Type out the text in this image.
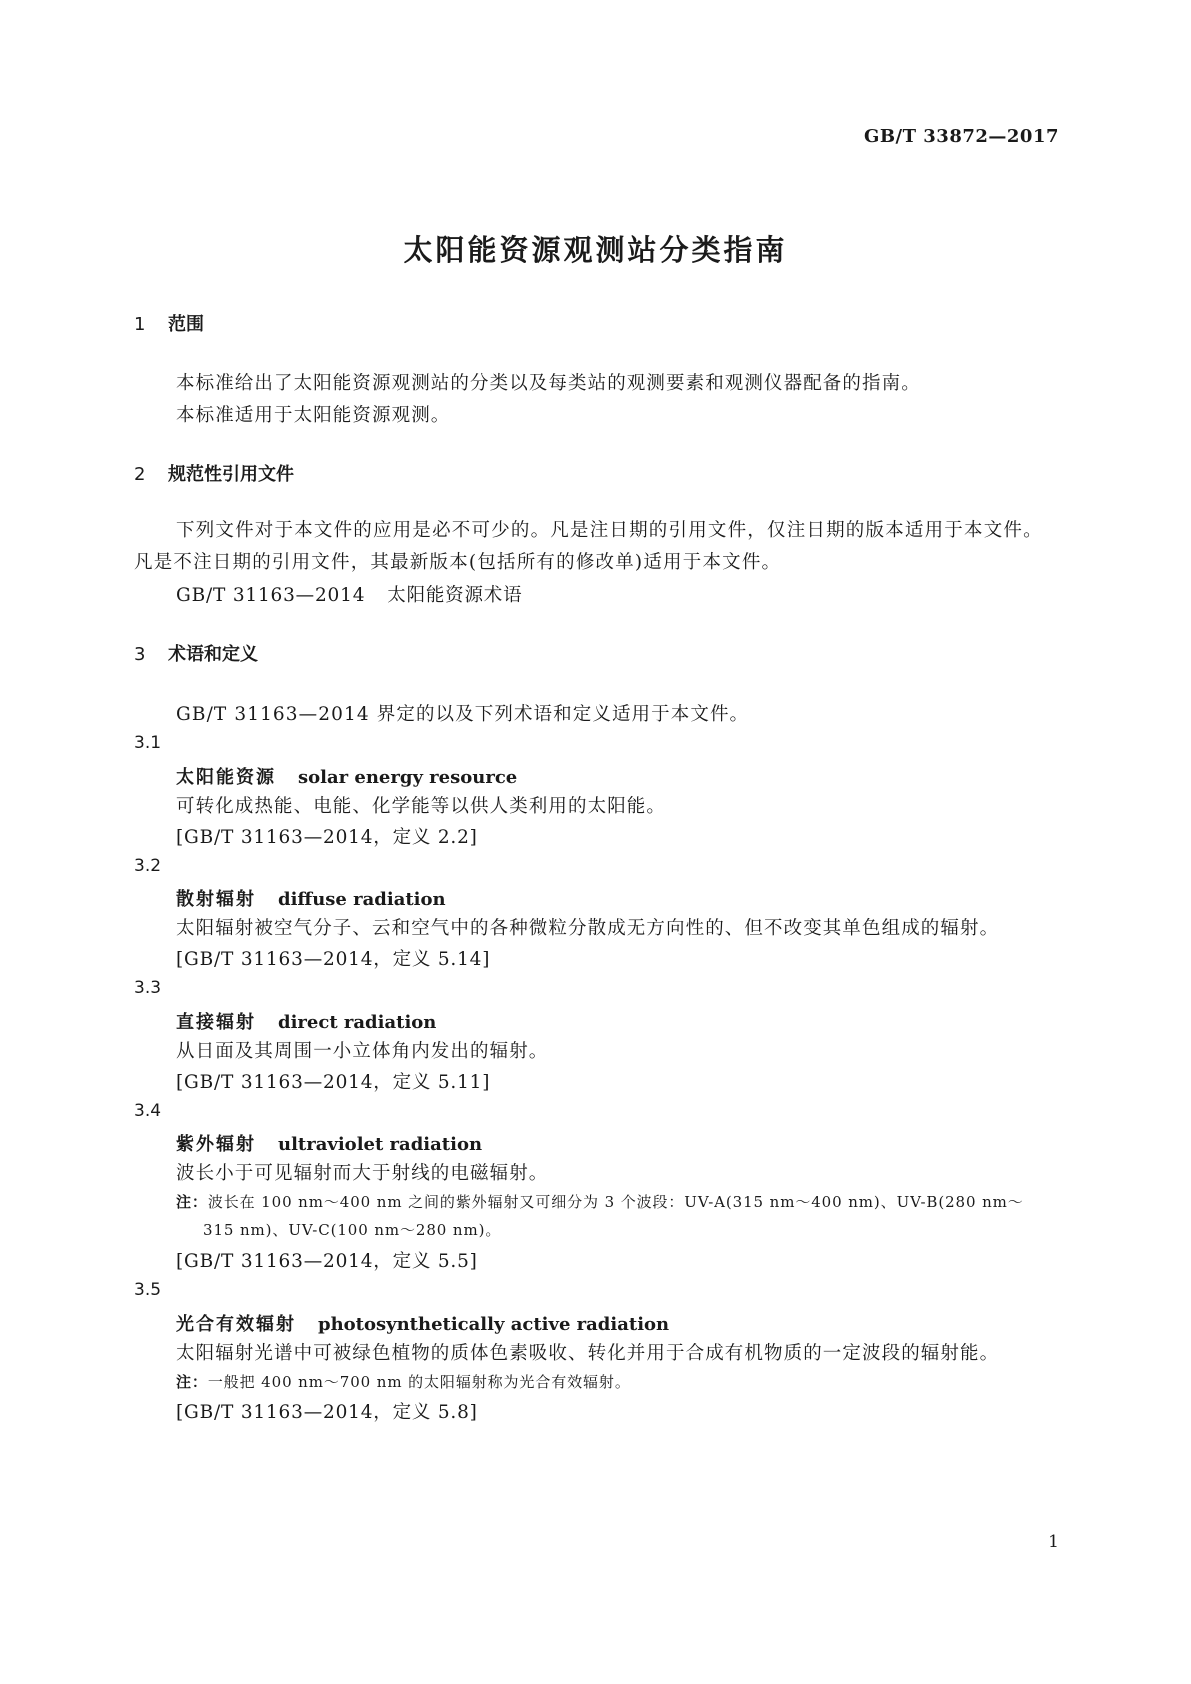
GB/T 33872—2017
太阳能资源观测站分类指南
1 范围
本标准给出了太阳能资源观测站的分类以及每类站的观测要素和观测仪器配备的指南。
本标准适用于太阳能资源观测。
2 规范性引用文件
下列文件对于本文件的应用是必不可少的。凡是注日期的引用文件，仅注日期的版本适用于本文件。凡是不注日期的引用文件，其最新版本(包括所有的修改单)适用于本文件。
GB/T 31163—2014 太阳能资源术语
3 术语和定义
GB/T 31163—2014 界定的以及下列术语和定义适用于本文件。
3.1
太阳能资源 solar energy resource
可转化成热能、电能、化学能等以供人类利用的太阳能。
[GB/T 31163—2014，定义 2.2]
3.2
散射辐射 diffuse radiation
太阳辐射被空气分子、云和空气中的各种微粒分散成无方向性的、但不改变其单色组成的辐射。
[GB/T 31163—2014，定义 5.14]
3.3
直接辐射 direct radiation
从日面及其周围一小立体角内发出的辐射。
[GB/T 31163—2014，定义 5.11]
3.4
紫外辐射 ultraviolet radiation
波长小于可见辐射而大于射线的电磁辐射。
注：波长在 100 nm～400 nm 之间的紫外辐射又可细分为 3 个波段：UV-A(315 nm～400 nm)、UV-B(280 nm～
315 nm)、UV-C(100 nm～280 nm)。
[GB/T 31163—2014，定义 5.5]
3.5
光合有效辐射 photosynthetically active radiation
太阳辐射光谱中可被绿色植物的质体色素吸收、转化并用于合成有机物质的一定波段的辐射能。
注：一般把 400 nm～700 nm 的太阳辐射称为光合有效辐射。
[GB/T 31163—2014，定义 5.8]
1
